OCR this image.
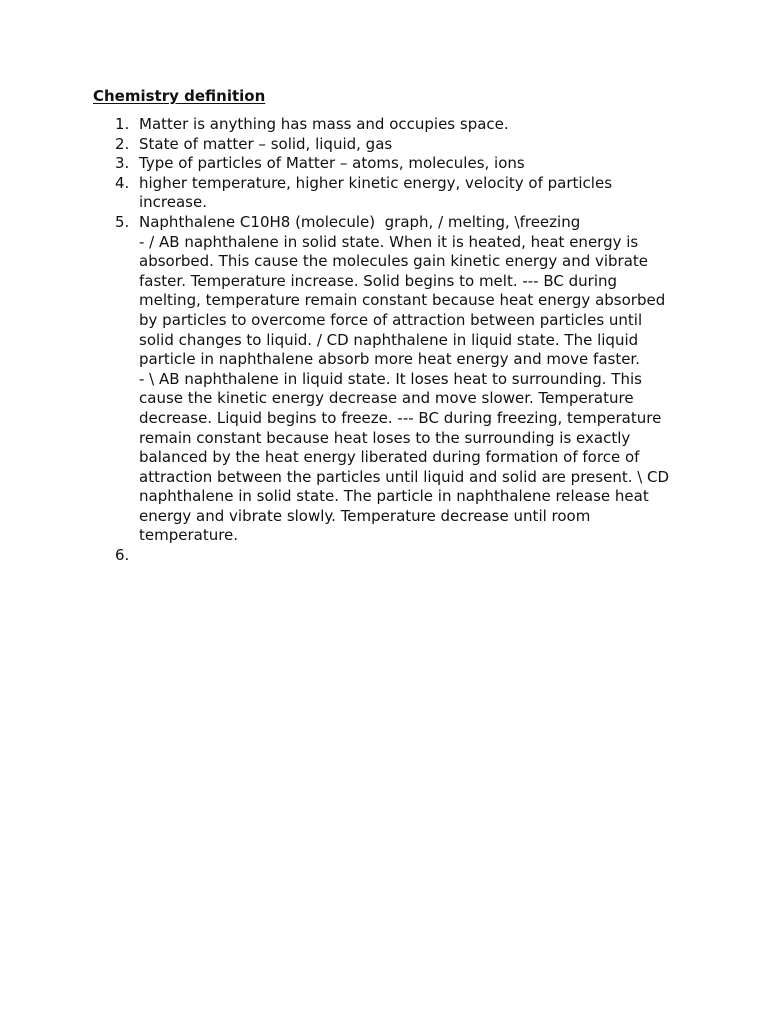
Chemistry definition
1. Matter is anything has mass and occupies space.
2. State of matter – solid, liquid, gas
3. Type of particles of Matter – atoms, molecules, ions
4. higher temperature, higher kinetic energy, velocity of particles increase.
5. Naphthalene C10H8 (molecule)  graph, / melting, \freezing
- / AB naphthalene in solid state. When it is heated, heat energy is absorbed. This cause the molecules gain kinetic energy and vibrate faster. Temperature increase. Solid begins to melt. --- BC during melting, temperature remain constant because heat energy absorbed by particles to overcome force of attraction between particles until solid changes to liquid. / CD naphthalene in liquid state. The liquid particle in naphthalene absorb more heat energy and move faster.
- \ AB naphthalene in liquid state. It loses heat to surrounding. This cause the kinetic energy decrease and move slower. Temperature decrease. Liquid begins to freeze. --- BC during freezing, temperature remain constant because heat loses to the surrounding is exactly balanced by the heat energy liberated during formation of force of attraction between the particles until liquid and solid are present. \ CD naphthalene in solid state. The particle in naphthalene release heat energy and vibrate slowly. Temperature decrease until room temperature.
6.
